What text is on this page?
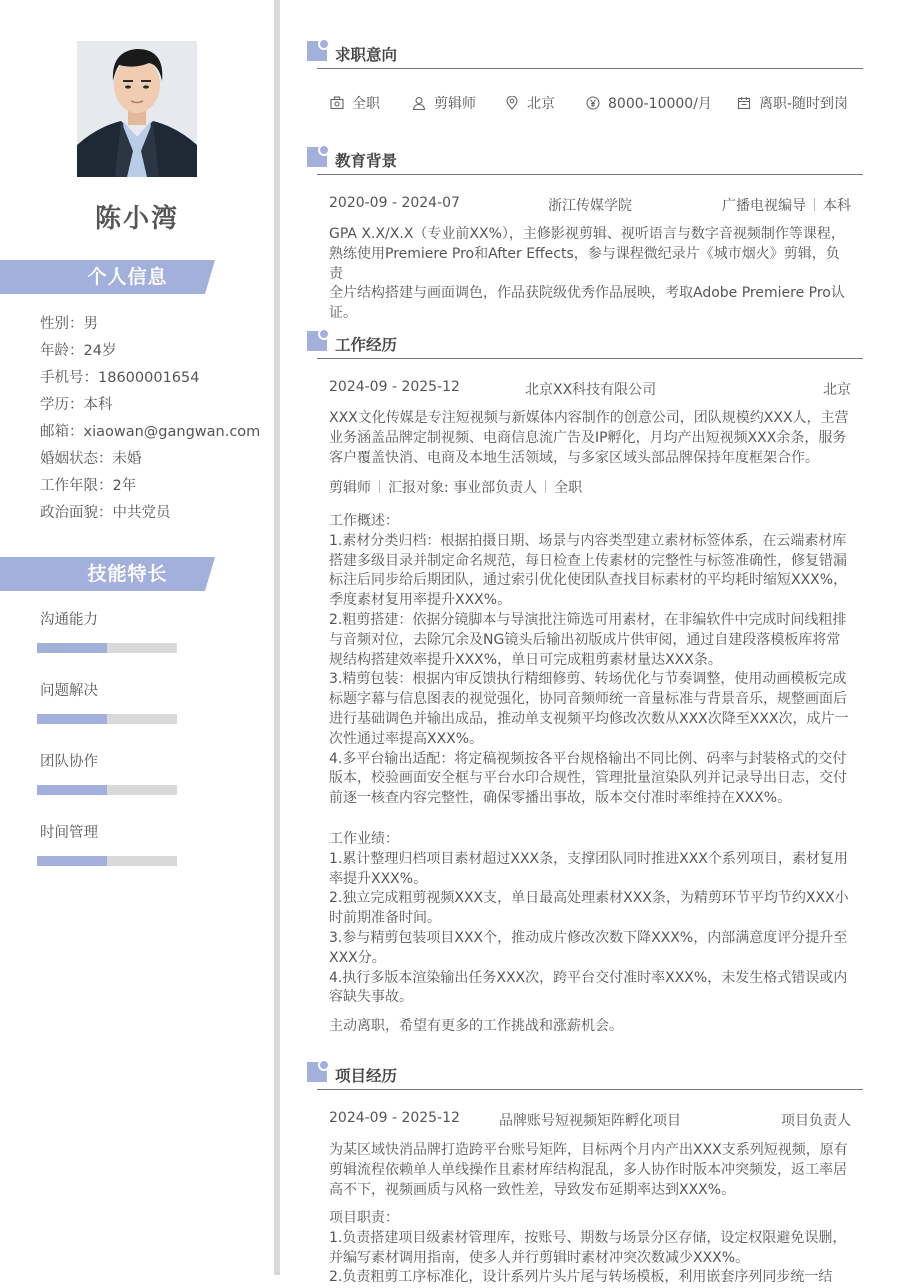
陈小湾
个人信息
性别：男
年龄：24岁
手机号：18600001654
学历：本科
邮箱：xiaowan@gangwan.com
婚姻状态：未婚
工作年限：2年
政治面貌：中共党员
技能特长
沟通能力
问题解决
团队协作
时间管理
求职意向
全职	剪辑师	北京	8000-10000/月	离职-随时到岗
教育背景
2020-09 - 2024-07	浙江传媒学院	广播电视编导 本科
GPA X.X/X.X（专业前XX%），主修影视剪辑、视听语言与数字音视频制作等课程，
熟练使用Premiere Pro和After Effects，参与课程微纪录片《城市烟火》剪辑，负责
全片结构搭建与画面调色，作品获院级优秀作品展映，考取Adobe Premiere Pro认
证。
工作经历
2024-09 - 2025-12	北京XX科技有限公司	北京
XXX文化传媒是专注短视频与新媒体内容制作的创意公司，团队规模约XXX人，主营
业务涵盖品牌定制视频、电商信息流广告及IP孵化，月均产出短视频XXX余条，服务
客户覆盖快消、电商及本地生活领域，与多家区域头部品牌保持年度框架合作。
剪辑师 汇报对象: 事业部负责人 全职
工作概述：
1.素材分类归档：根据拍摄日期、场景与内容类型建立素材标签体系，在云端素材库
搭建多级目录并制定命名规范，每日检查上传素材的完整性与标签准确性，修复错漏
标注后同步给后期团队，通过索引优化使团队查找目标素材的平均耗时缩短XXX%，
季度素材复用率提升XXX%。
2.粗剪搭建：依据分镜脚本与导演批注筛选可用素材，在非编软件中完成时间线粗排
与音频对位，去除冗余及NG镜头后输出初版成片供审阅，通过自建段落模板库将常
规结构搭建效率提升XXX%，单日可完成粗剪素材量达XXX条。
3.精剪包装：根据内审反馈执行精细修剪、转场优化与节奏调整，使用动画模板完成
标题字幕与信息图表的视觉强化，协同音频师统一音量标准与背景音乐，规整画面后
进行基础调色并输出成品，推动单支视频平均修改次数从XXX次降至XXX次，成片一
次性通过率提高XXX%。
4.多平台输出适配：将定稿视频按各平台规格输出不同比例、码率与封装格式的交付
版本，校验画面安全框与平台水印合规性，管理批量渲染队列并记录导出日志，交付
前逐一核查内容完整性，确保零播出事故，版本交付准时率维持在XXX%。
工作业绩：
1.累计整理归档项目素材超过XXX条，支撑团队同时推进XXX个系列项目，素材复用
率提升XXX%。
2.独立完成粗剪视频XXX支，单日最高处理素材XXX条，为精剪环节平均节约XXX小
时前期准备时间。
3.参与精剪包装项目XXX个，推动成片修改次数下降XXX%，内部满意度评分提升至
XXX分。
4.执行多版本渲染输出任务XXX次，跨平台交付准时率XXX%，未发生格式错误或内
容缺失事故。
主动离职，希望有更多的工作挑战和涨薪机会。
项目经历
2024-09 - 2025-12	品牌账号短视频矩阵孵化项目	项目负责人
为某区域快消品牌打造跨平台账号矩阵，目标两个月内产出XXX支系列短视频，原有
剪辑流程依赖单人单线操作且素材库结构混乱，多人协作时版本冲突频发，返工率居
高不下，视频画质与风格一致性差，导致发布延期率达到XXX%。
项目职责：
1.负责搭建项目级素材管理库，按账号、期数与场景分区存储，设定权限避免误删，
并编写素材调用指南，使多人并行剪辑时素材冲突次数减少XXX%。
2.负责粗剪工序标准化，设计系列片头片尾与转场模板，利用嵌套序列同步统一结
